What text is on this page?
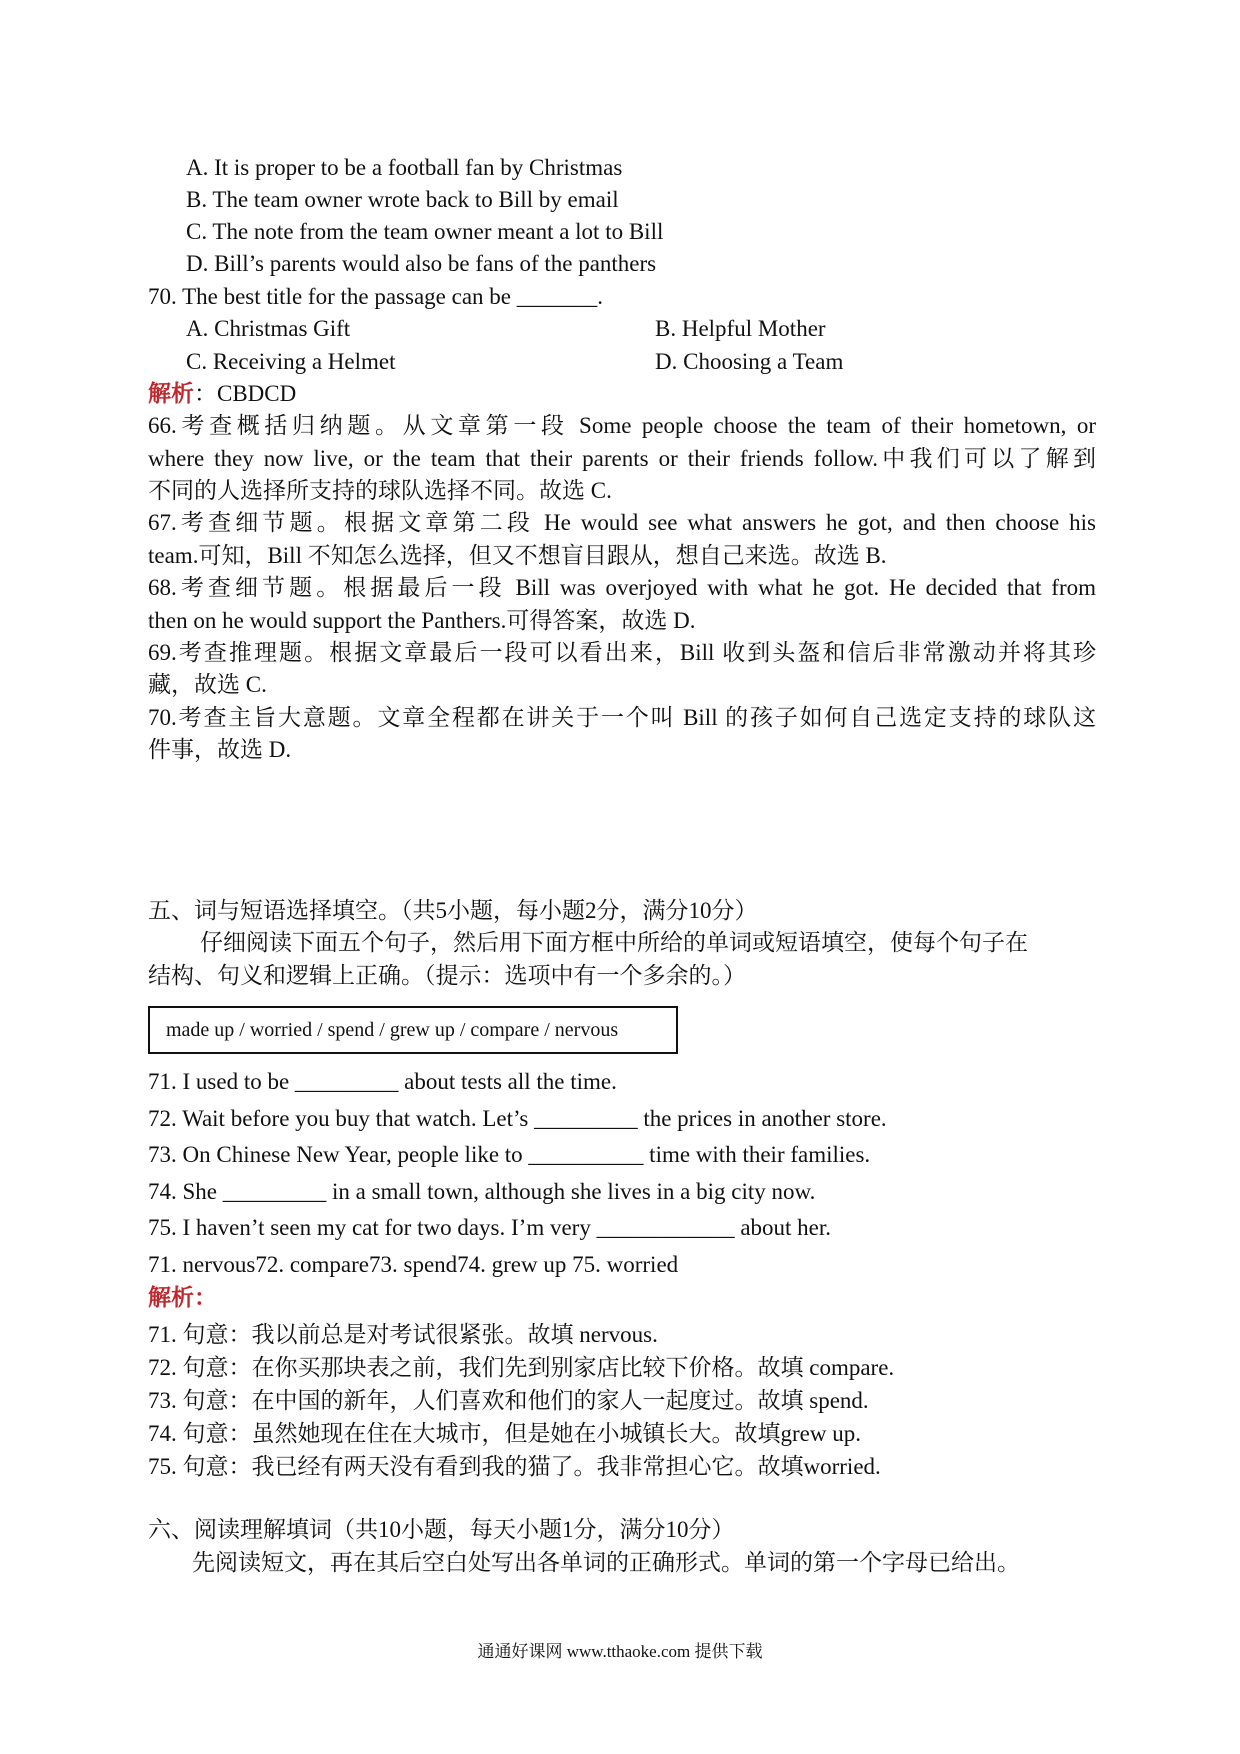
A. It is proper to be a football fan by Christmas
B. The team owner wrote back to Bill by email
C. The note from the team owner meant a lot to Bill
D. Bill’s parents would also be fans of the panthers
70. The best title for the passage can be _______.
A. Christmas Gift	B. Helpful Mother
C. Receiving a Helmet	D. Choosing a Team
解析：CBDCD
66.考查概括归纳题。从文章第一段 Some people choose the team of their hometown, or
where they now live, or the team that their parents or their friends follow.中我们可以了解到
不同的人选择所支持的球队选择不同。故选 C.
67.考查细节题。根据文章第二段 He would see what answers he got, and then choose his
team.可知，Bill 不知怎么选择，但又不想盲目跟从，想自己来选。故选 B.
68.考查细节题。根据最后一段 Bill was overjoyed with what he got. He decided that from
then on he would support the Panthers.可得答案，故选 D.
69.考查推理题。根据文章最后一段可以看出来，Bill 收到头盔和信后非常激动并将其珍
藏，故选 C.
70.考查主旨大意题。文章全程都在讲关于一个叫 Bill 的孩子如何自己选定支持的球队这
件事，故选 D.
五、词与短语选择填空。（共5小题，每小题2分，满分10分）
仔细阅读下面五个句子，然后用下面方框中所给的单词或短语填空，使每个句子在
结构、句义和逻辑上正确。（提示：选项中有一个多余的。）
made up / worried / spend / grew up / compare / nervous
71. I used to be _________ about tests all the time.
72. Wait before you buy that watch. Let’s _________ the prices in another store.
73. On Chinese New Year, people like to __________ time with their families.
74. She _________ in a small town, although she lives in a big city now.
75. I haven’t seen my cat for two days. I’m very ____________ about her.
71. nervous72. compare73. spend74. grew up 75. worried
解析：
71. 句意：我以前总是对考试很紧张。故填 nervous.
72. 句意：在你买那块表之前，我们先到别家店比较下价格。故填 compare.
73. 句意：在中国的新年，人们喜欢和他们的家人一起度过。故填 spend.
74. 句意：虽然她现在住在大城市，但是她在小城镇长大。故填grew up.
75. 句意：我已经有两天没有看到我的猫了。我非常担心它。故填worried.
六、阅读理解填词（共10小题，每天小题1分，满分10分）
先阅读短文，再在其后空白处写出各单词的正确形式。单词的第一个字母已给出。
通通好课网 www.tthaoke.com 提供下载
